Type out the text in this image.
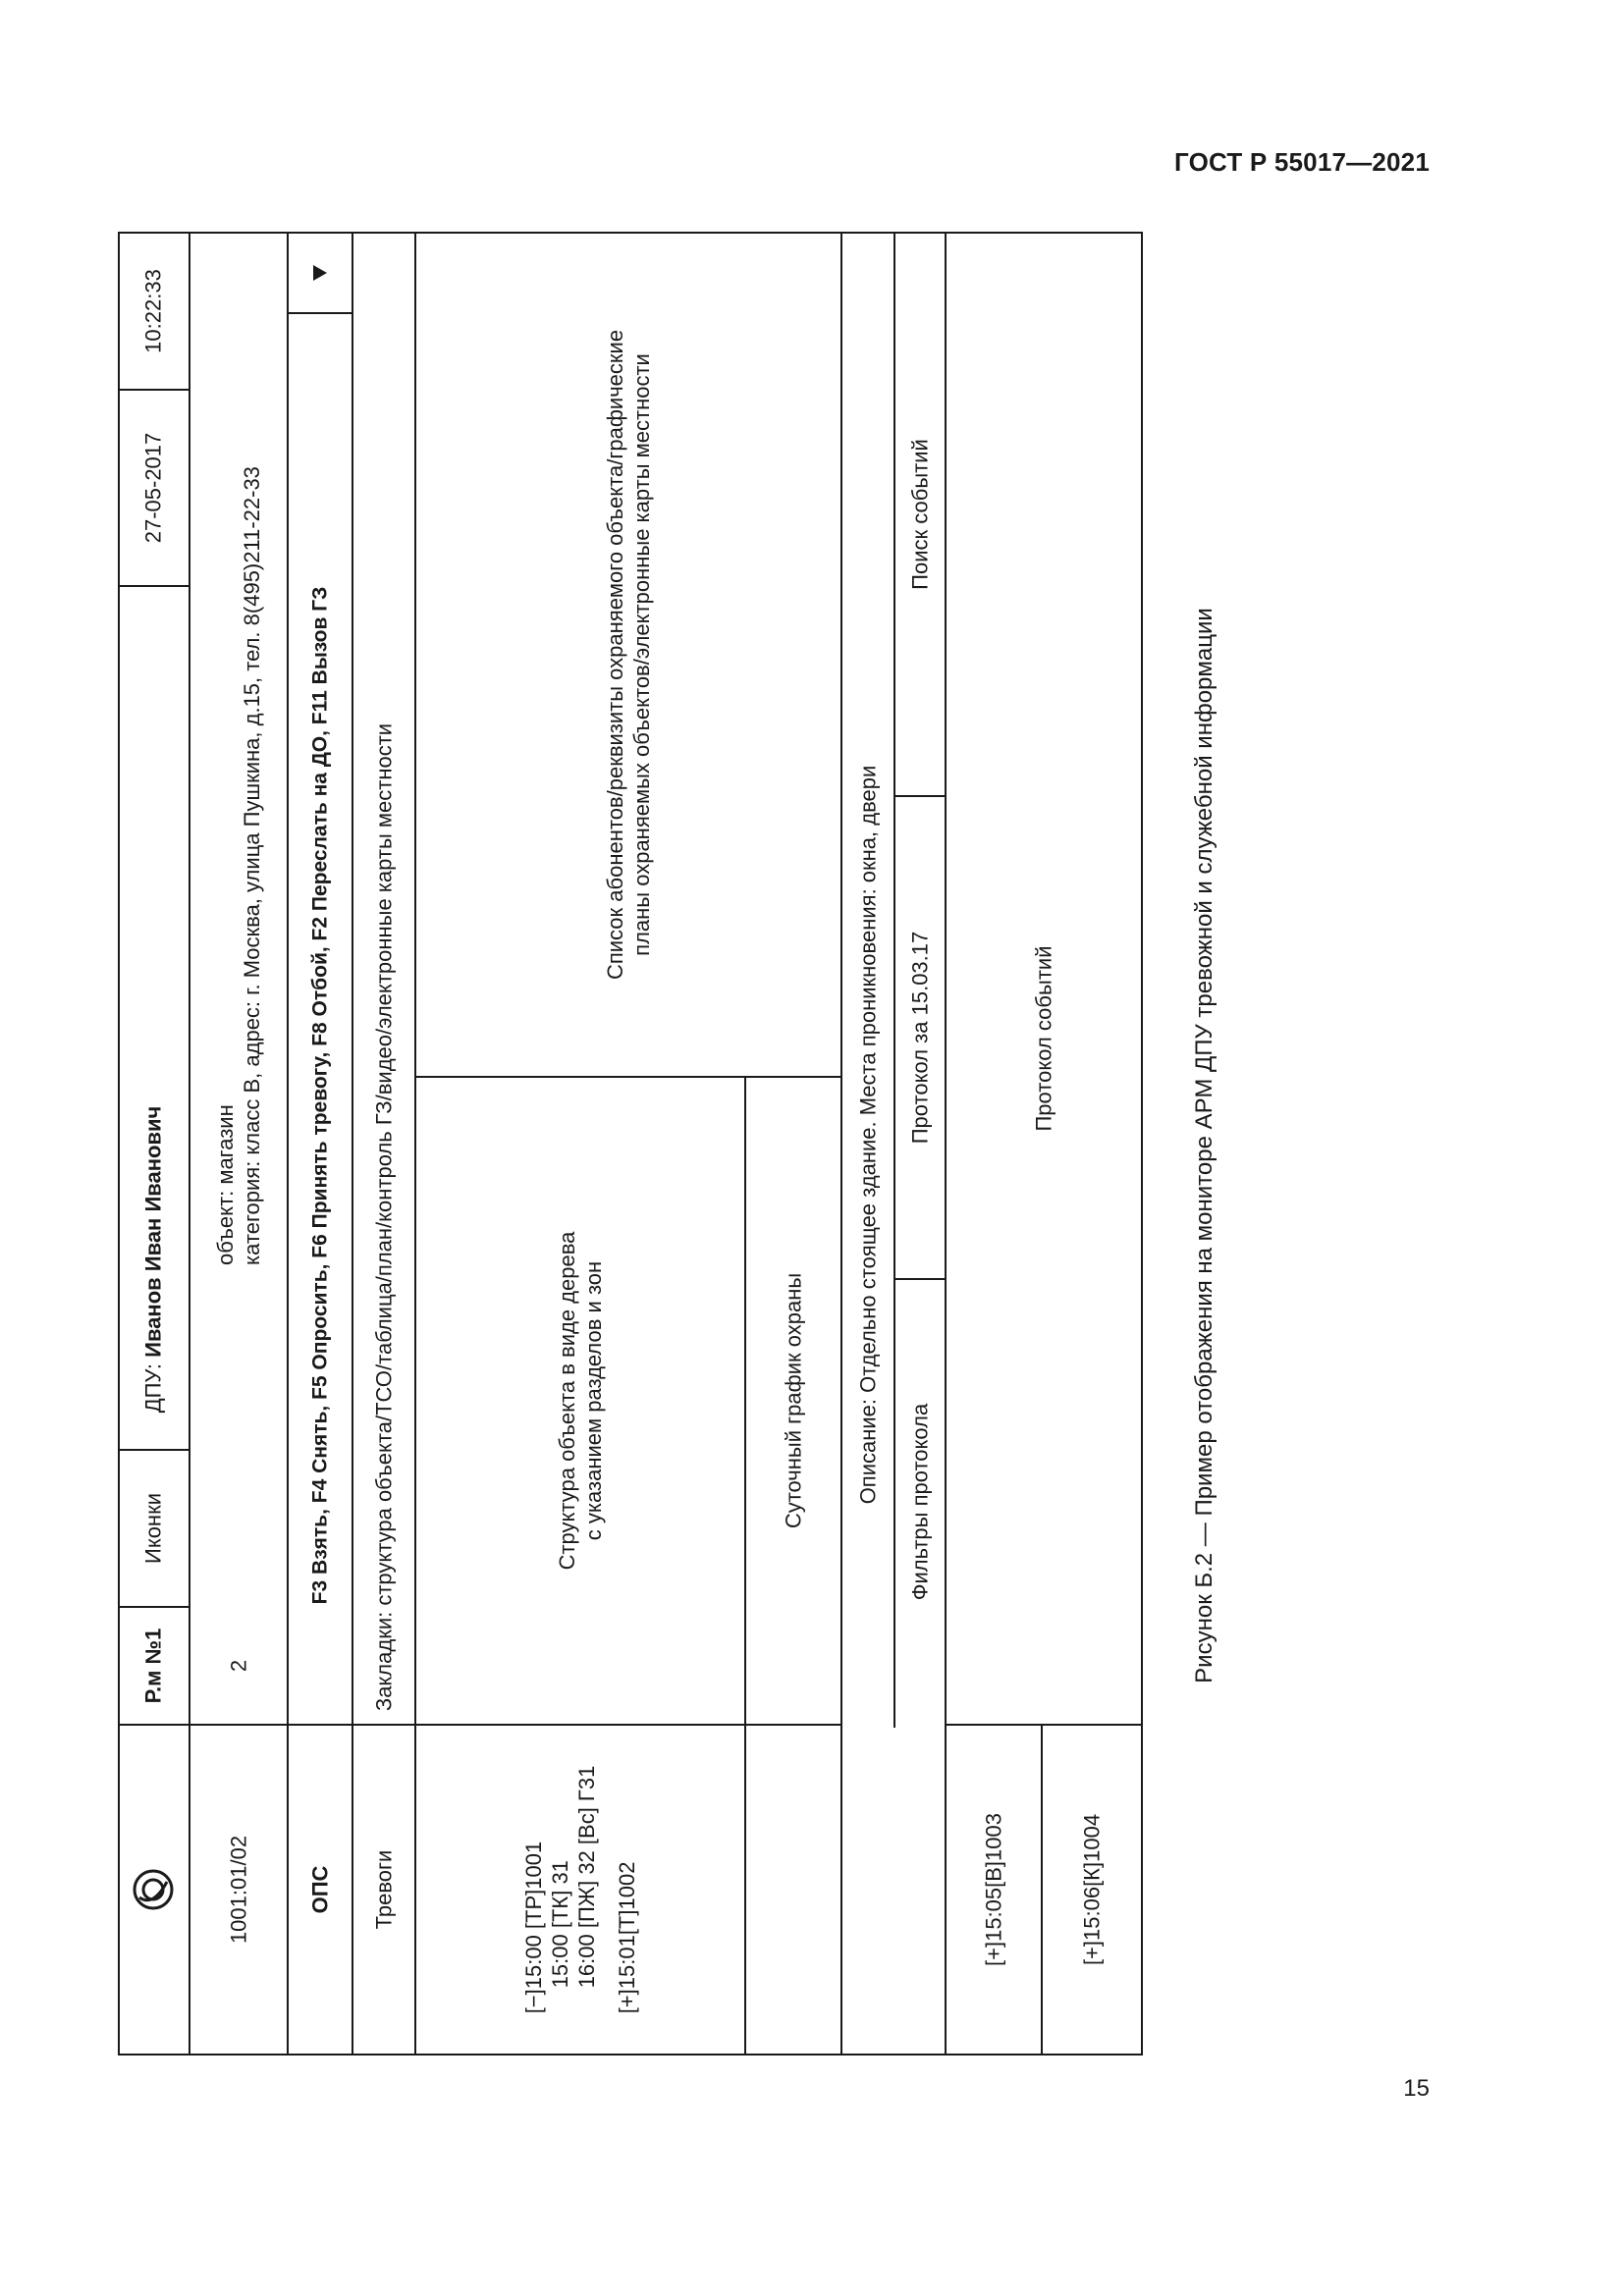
ГОСТ Р 55017—2021
Р.м №1
Иконки
ДПУ: Иванов Иван Иванович
27-05-2017
10:22:33
1001:01/02
2
объект: магазин категория: класс В, адрес: г. Москва, улица Пушкина, д.15, тел. 8(495)211-22-33
ОПС
F3 Взять, F4 Снять, F5 Опросить, F6 Принять тревогу, F8 Отбой, F2 Переслать на ДО, F11 Вызов ГЗ
Тревоги
Закладки: структура объекта/ТСО/таблица/план/контроль ГЗ/видео/электронные карты местности
[−]15:00 [ТР]1001 15:00 [ТК] 31 16:00 [ПЖ] 32 [Вс] Г31 [+]15:01[Т]1002
Структура объекта в виде дерева с указанием разделов и зон
Список абонентов/реквизиты охраняемого объекта/графические планы охраняемых объектов/электронные карты местности
Суточный график охраны Описание: Отдельно стоящее здание. Места проникновения: окна, двери Фильтры протокола
Протокол за 15.03.17
Поиск событий
[+]15:05[В]1003	[+]15:06[К]1004
Протокол событий	Рисунок Б.2 — Пример отображения на мониторе АРМ ДПУ тревожной и служебной информации
15
